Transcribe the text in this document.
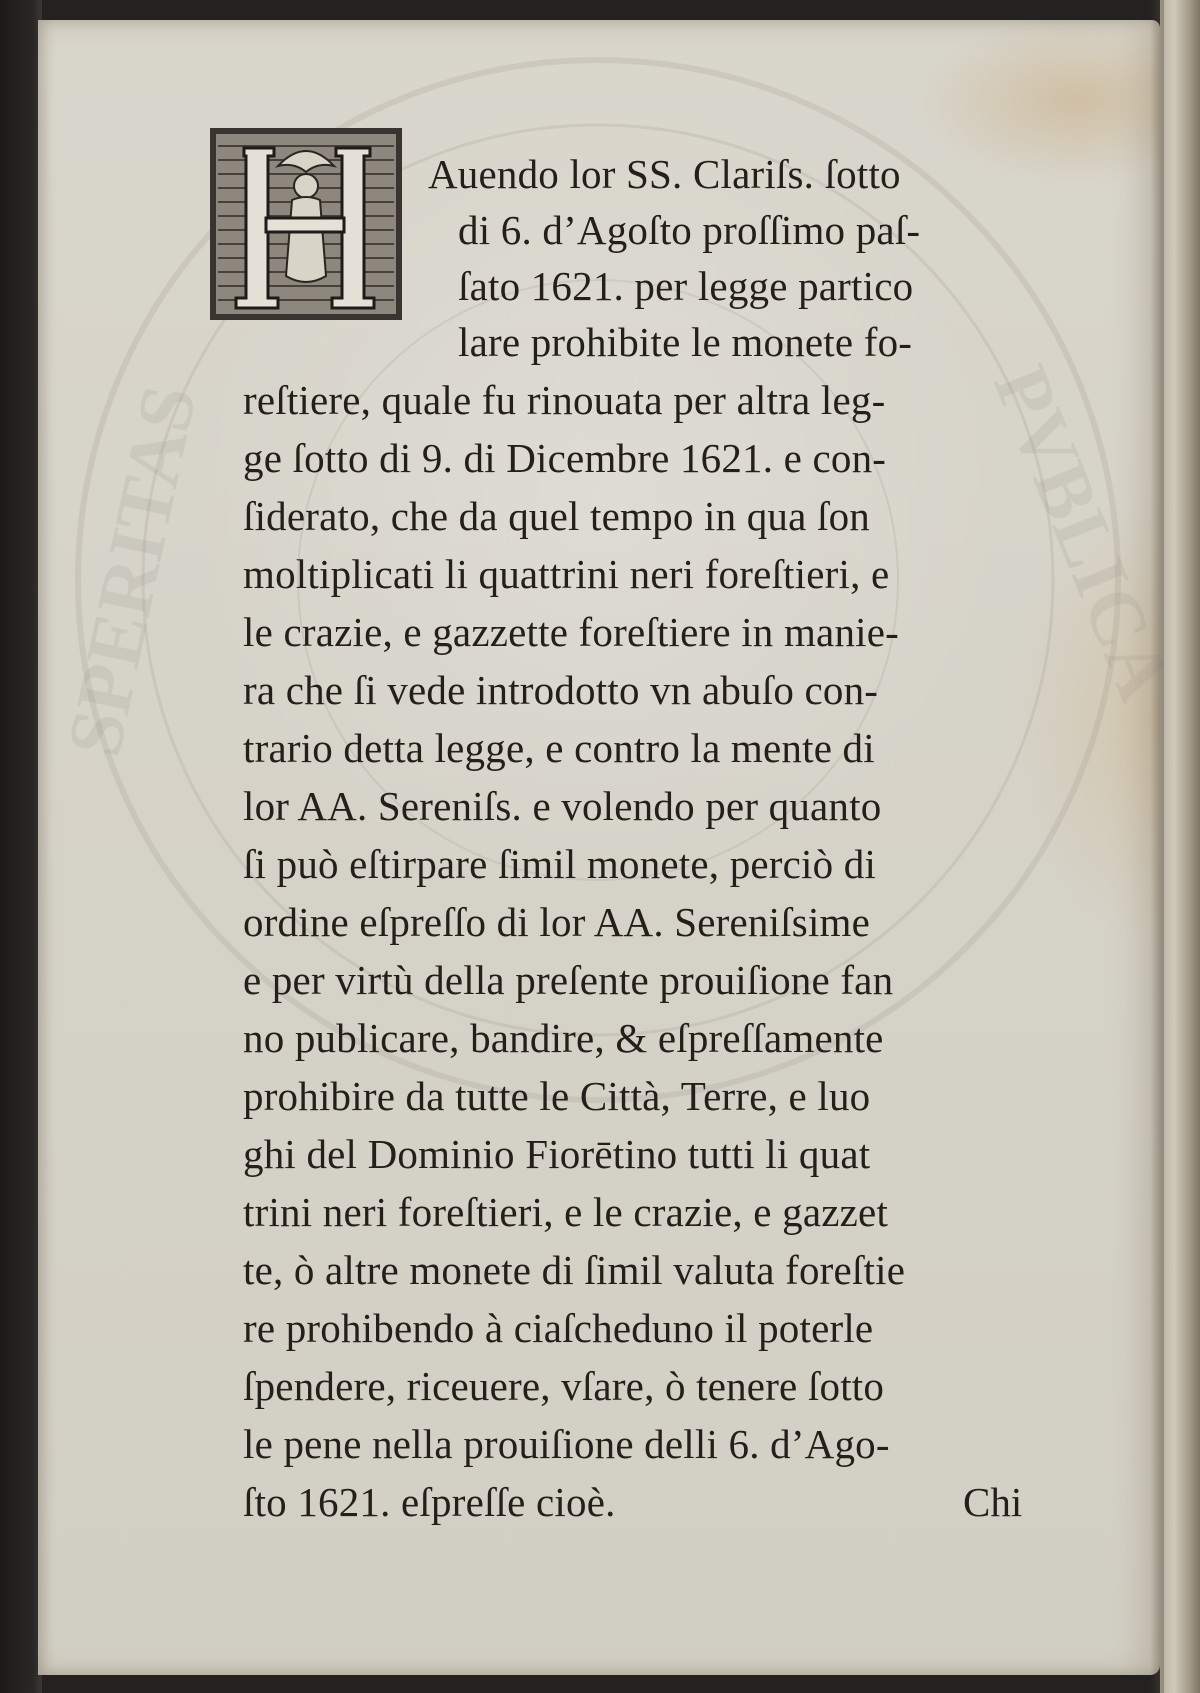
SPERITAS	PVBLICA
H
Auendo lor SS. Clariſs. ſotto
di 6. d’Agoſto proſſimo paſ-
ſato 1621. per legge partico
lare prohibite le monete fo-
reſtiere, quale fu rinouata per altra leg-
ge ſotto di 9. di Dicembre 1621. e con-
ſiderato, che da quel tempo in qua ſon
moltiplicati li quattrini neri foreſtieri, e
le crazie, e gazzette foreſtiere in manie-
ra che ſi vede introdotto vn abuſo con-
trario detta legge, e contro la mente di
lor AA. Sereniſs. e volendo per quanto
ſi può eſtirpare ſimil monete, perciò di
ordine eſpreſſo di lor AA. Sereniſsime
e per virtù della preſente prouiſione fan
no publicare, bandire, & eſpreſſamente
prohibire da tutte le Città, Terre, e luo
ghi del Dominio Fiorētino tutti li quat
trini neri foreſtieri, e le crazie, e gazzet
te, ò altre monete di ſimil valuta foreſtie
re prohibendo à ciaſcheduno il poterle
ſpendere, riceuere, vſare, ò tenere ſotto
le pene nella prouiſione delli 6. d’Ago-
ſto 1621. eſpreſſe cioè.	Chi
